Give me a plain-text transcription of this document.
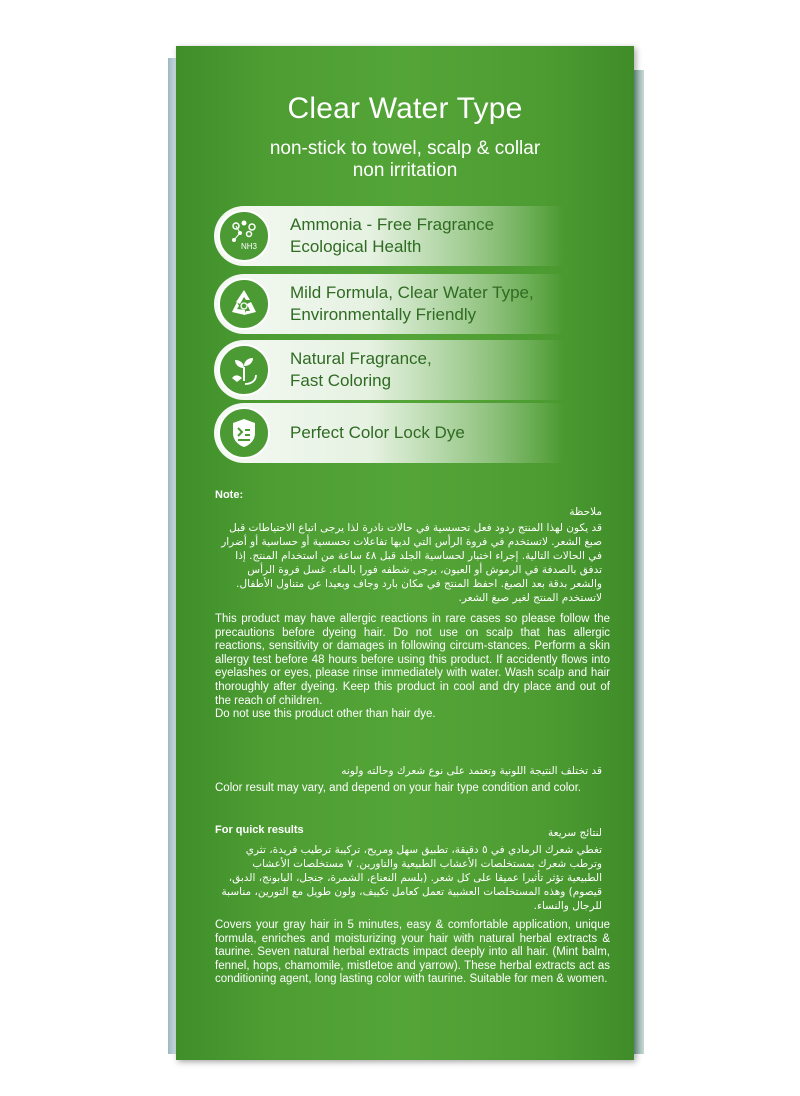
Clear Water Type
non-stick to towel, scalp & collar
non irritation
NH3
Ammonia - Free Fragrance
Ecological Health
Mild Formula, Clear Water Type,
Environmentally Friendly
Natural Fragrance,
Fast Coloring
Perfect Color Lock Dye
Note:
ملاحظة
قد يكون لهذا المنتج ردود فعل تحسسية في حالات نادرة لذا يرجى اتباع الاحتياطات قبل صبغ الشعر. لاتستخدم في فروة الرأس التي لديها تفاعلات تحسسية أو حساسية أو أضرار في الحالات التالية. إجراء اختبار لحساسية الجلد قبل ٤٨ ساعة من استخدام المنتج. إذا تدفق بالصدفة في الرموش أو العيون، يرجى شطفه فورا بالماء. غسل فروة الرأس والشعر بدقة بعد الصبغ. احفظ المنتج في مكان بارد وجاف وبعيدا عن متناول الأطفال. لاتستخدم المنتج لغير صبغ الشعر.

This product may have allergic reactions in rare cases so please follow the precautions before dyeing hair. Do not use on scalp that has allergic reactions, sensitivity or damages in following circum-stances. Perform a skin allergy test before 48 hours before using this product. If accidently flows into eyelashes or eyes, please rinse immediately with water. Wash scalp and hair thoroughly after dyeing. Keep this product in cool and dry place and out of the reach of children.

Do not use this product other than hair dye.

قد تختلف النتيجة اللونية وتعتمد على نوع شعرك وحالته ولونه
Color result may vary, and depend on your hair type condition and color.
For quick results	لنتائج سريعة
تغطي شعرك الرمادي في ٥ دقيقة، تطبيق سهل ومريح، تركيبة ترطيب فريدة، تثري وترطب شعرك بمستخلصات الأعشاب الطبيعية والتاورين. ٧ مستخلصات الأعشاب الطبيعية تؤثر تأثيرا عميقا على كل شعر. (بلسم النعناع، الشمرة، جنجل، البابونج، الدبق، قيصوم) وهذه المستخلصات العشبية تعمل كعامل تكييف، ولون طويل مع التورين، مناسبة للرجال والنساء.
Covers your gray hair in 5 minutes, easy & comfortable application, unique formula, enriches and moisturizing your hair with natural herbal extracts & taurine. Seven natural herbal extracts impact deeply into all hair. (Mint balm, fennel, hops, chamomile, mistletoe and yarrow). These herbal extracts act as conditioning agent, long lasting color with taurine. Suitable for men & women.
